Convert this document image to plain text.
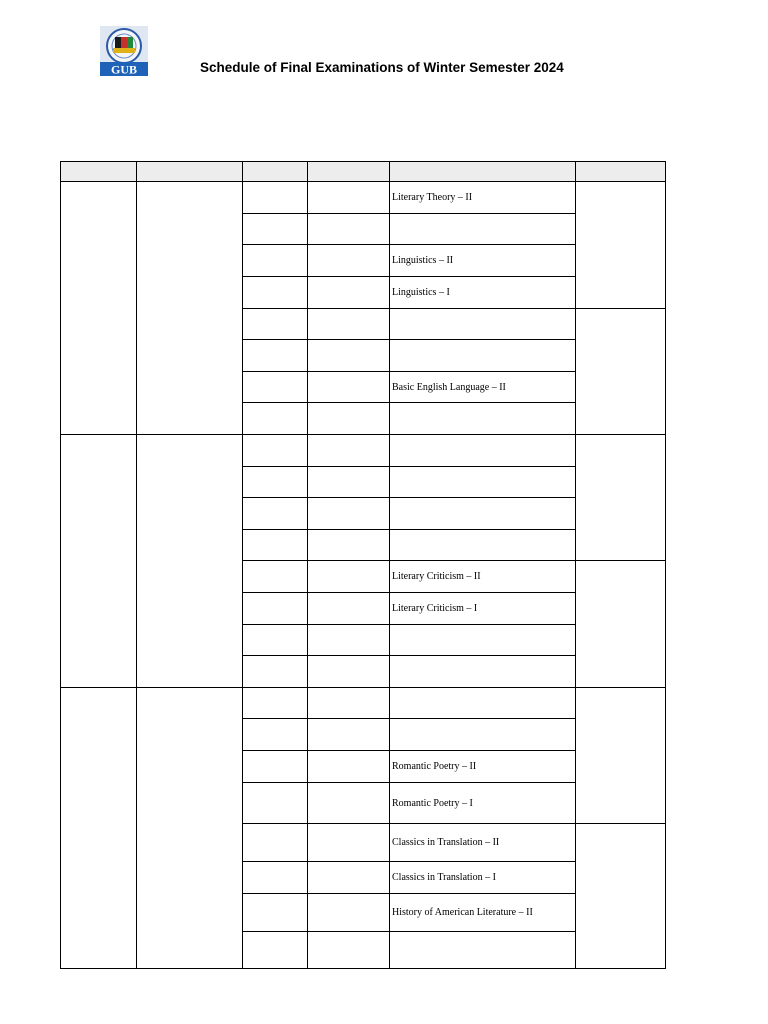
GUB	Schedule of Final Examinations of Winter Semester 2024

				Literary Theory – II	

				Linguistics – II	
				Linguistics – I	

				Basic English Language – II	

				Literary Criticism – II	
				Literary Criticism – I	

				Romantic Poetry – II	
				Romantic Poetry – I	
				Classics in Translation – II	
				Classics in Translation – I	
				History of American Literature – II	
